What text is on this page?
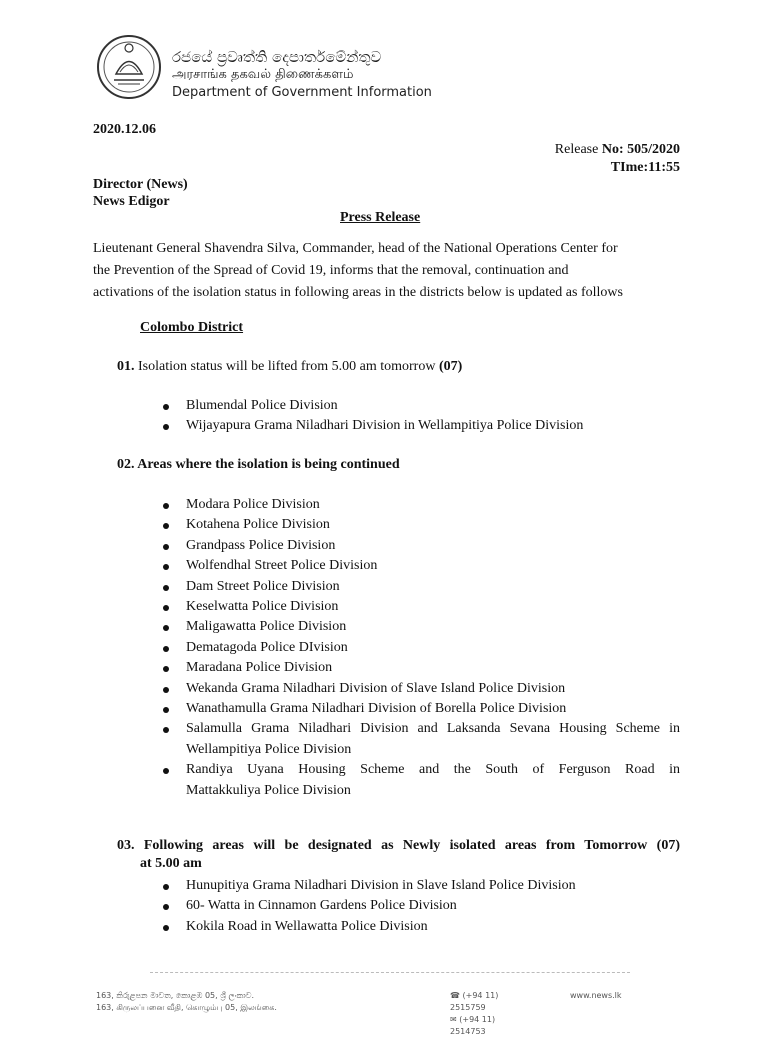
රජයේ ප්‍රවෘත්ති දෙපාර්තමේන්තුව
அரசாங்க தகவல் திணைக்களம்
Department of Government Information
2020.12.06
Release No: 505/2020
TIme:11:55
Director (News)
News Edigor
Press Release
Lieutenant General Shavendra Silva, Commander, head of the National Operations Center for
the Prevention of the Spread of Covid 19, informs that the removal, continuation and
activations of the isolation status in following areas in the districts below is updated as follows
Colombo District
01. Isolation status will be lifted from 5.00 am tomorrow (07)
Blumendal Police Division
Wijayapura Grama Niladhari Division in Wellampitiya Police Division
02. Areas where the isolation is being continued
Modara Police Division
Kotahena Police Division
Grandpass Police Division
Wolfendhal Street Police Division
Dam Street Police Division
Keselwatta Police Division
Maligawatta Police Division
Dematagoda Police DIvision
Maradana Police Division
Wekanda Grama Niladhari Division of Slave Island Police Division
Wanathamulla Grama Niladhari Division of Borella Police Division
Salamulla Grama Niladhari Division and Laksanda Sevana Housing Scheme in
Wellampitiya Police Division
Randiya Uyana Housing Scheme and the South of Ferguson Road in
Mattakkuliya Police Division
03. Following areas will be designated as Newly isolated areas from Tomorrow (07)
at 5.00 am
Hunupitiya Grama Niladhari Division in Slave Island Police Division
60- Watta in Cinnamon Gardens Police Division
Kokila Road in Wellawatta Police Division
163, කිරුළපන මාවත, කොළඹ 05, ශ්‍රී ලංකාව.
163, கிருலப்பனை வீதி, கொழும்பு 05, இலங்கை.
☎ (+94 11) 2515759
✉ (+94 11) 2514753
www.news.lk
